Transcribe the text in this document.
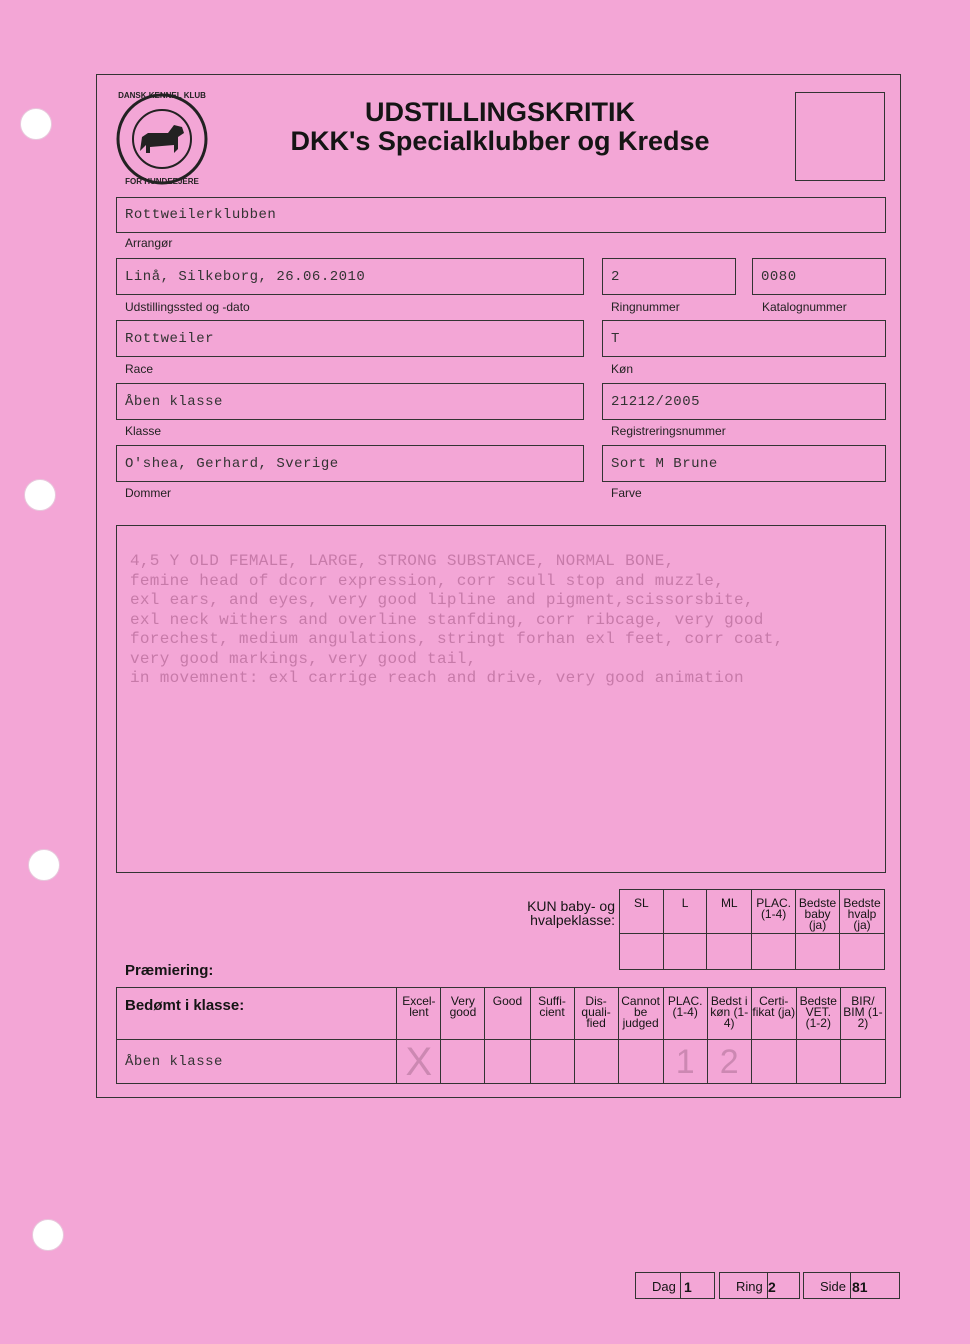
DANSK KENNEL KLUB
FOR HUNDEEJERE
UDSTILLINGSKRITIK
DKK's Specialklubber og Kredse
Rottweilerklubben
Arrangør
Linå, Silkeborg, 26.06.2010
Udstillingssted og -dato
2
Ringnummer
0080
Katalognummer
Rottweiler
Race
T
Køn
Åben klasse
Klasse
21212/2005
Registreringsnummer
O'shea, Gerhard, Sverige
Dommer
Sort M Brune
Farve
4,5 Y OLD FEMALE, LARGE, STRONG SUBSTANCE, NORMAL BONE,
femine head of dcorr expression, corr scull stop and muzzle,
exl ears, and eyes, very good lipline and pigment,scissorsbite,
exl neck withers and overline stanfding, corr ribcage, very good
forechest, medium angulations, stringt forhan exl feet, corr coat,
very good markings, very good tail,
in movemnent: exl carrige reach and drive, very good animation
KUN baby- og hvalpeklasse:
SL	L	ML	PLAC. (1-4)	Bedste baby (ja)	Bedste hvalp (ja)

Præmiering:
Bedømt i klasse:	Excel- lent	Very good	Good	Suffi- cient	Dis- quali- fied	Cannot be judged	PLAC. (1-4)	Bedst i køn (1-4)	Certi- fikat (ja)	Bedste VET. (1-2)	BIR/ BIM (1-2)
Åben klasse	X						1	2			
Dag 1	Ring 2	Side 81
